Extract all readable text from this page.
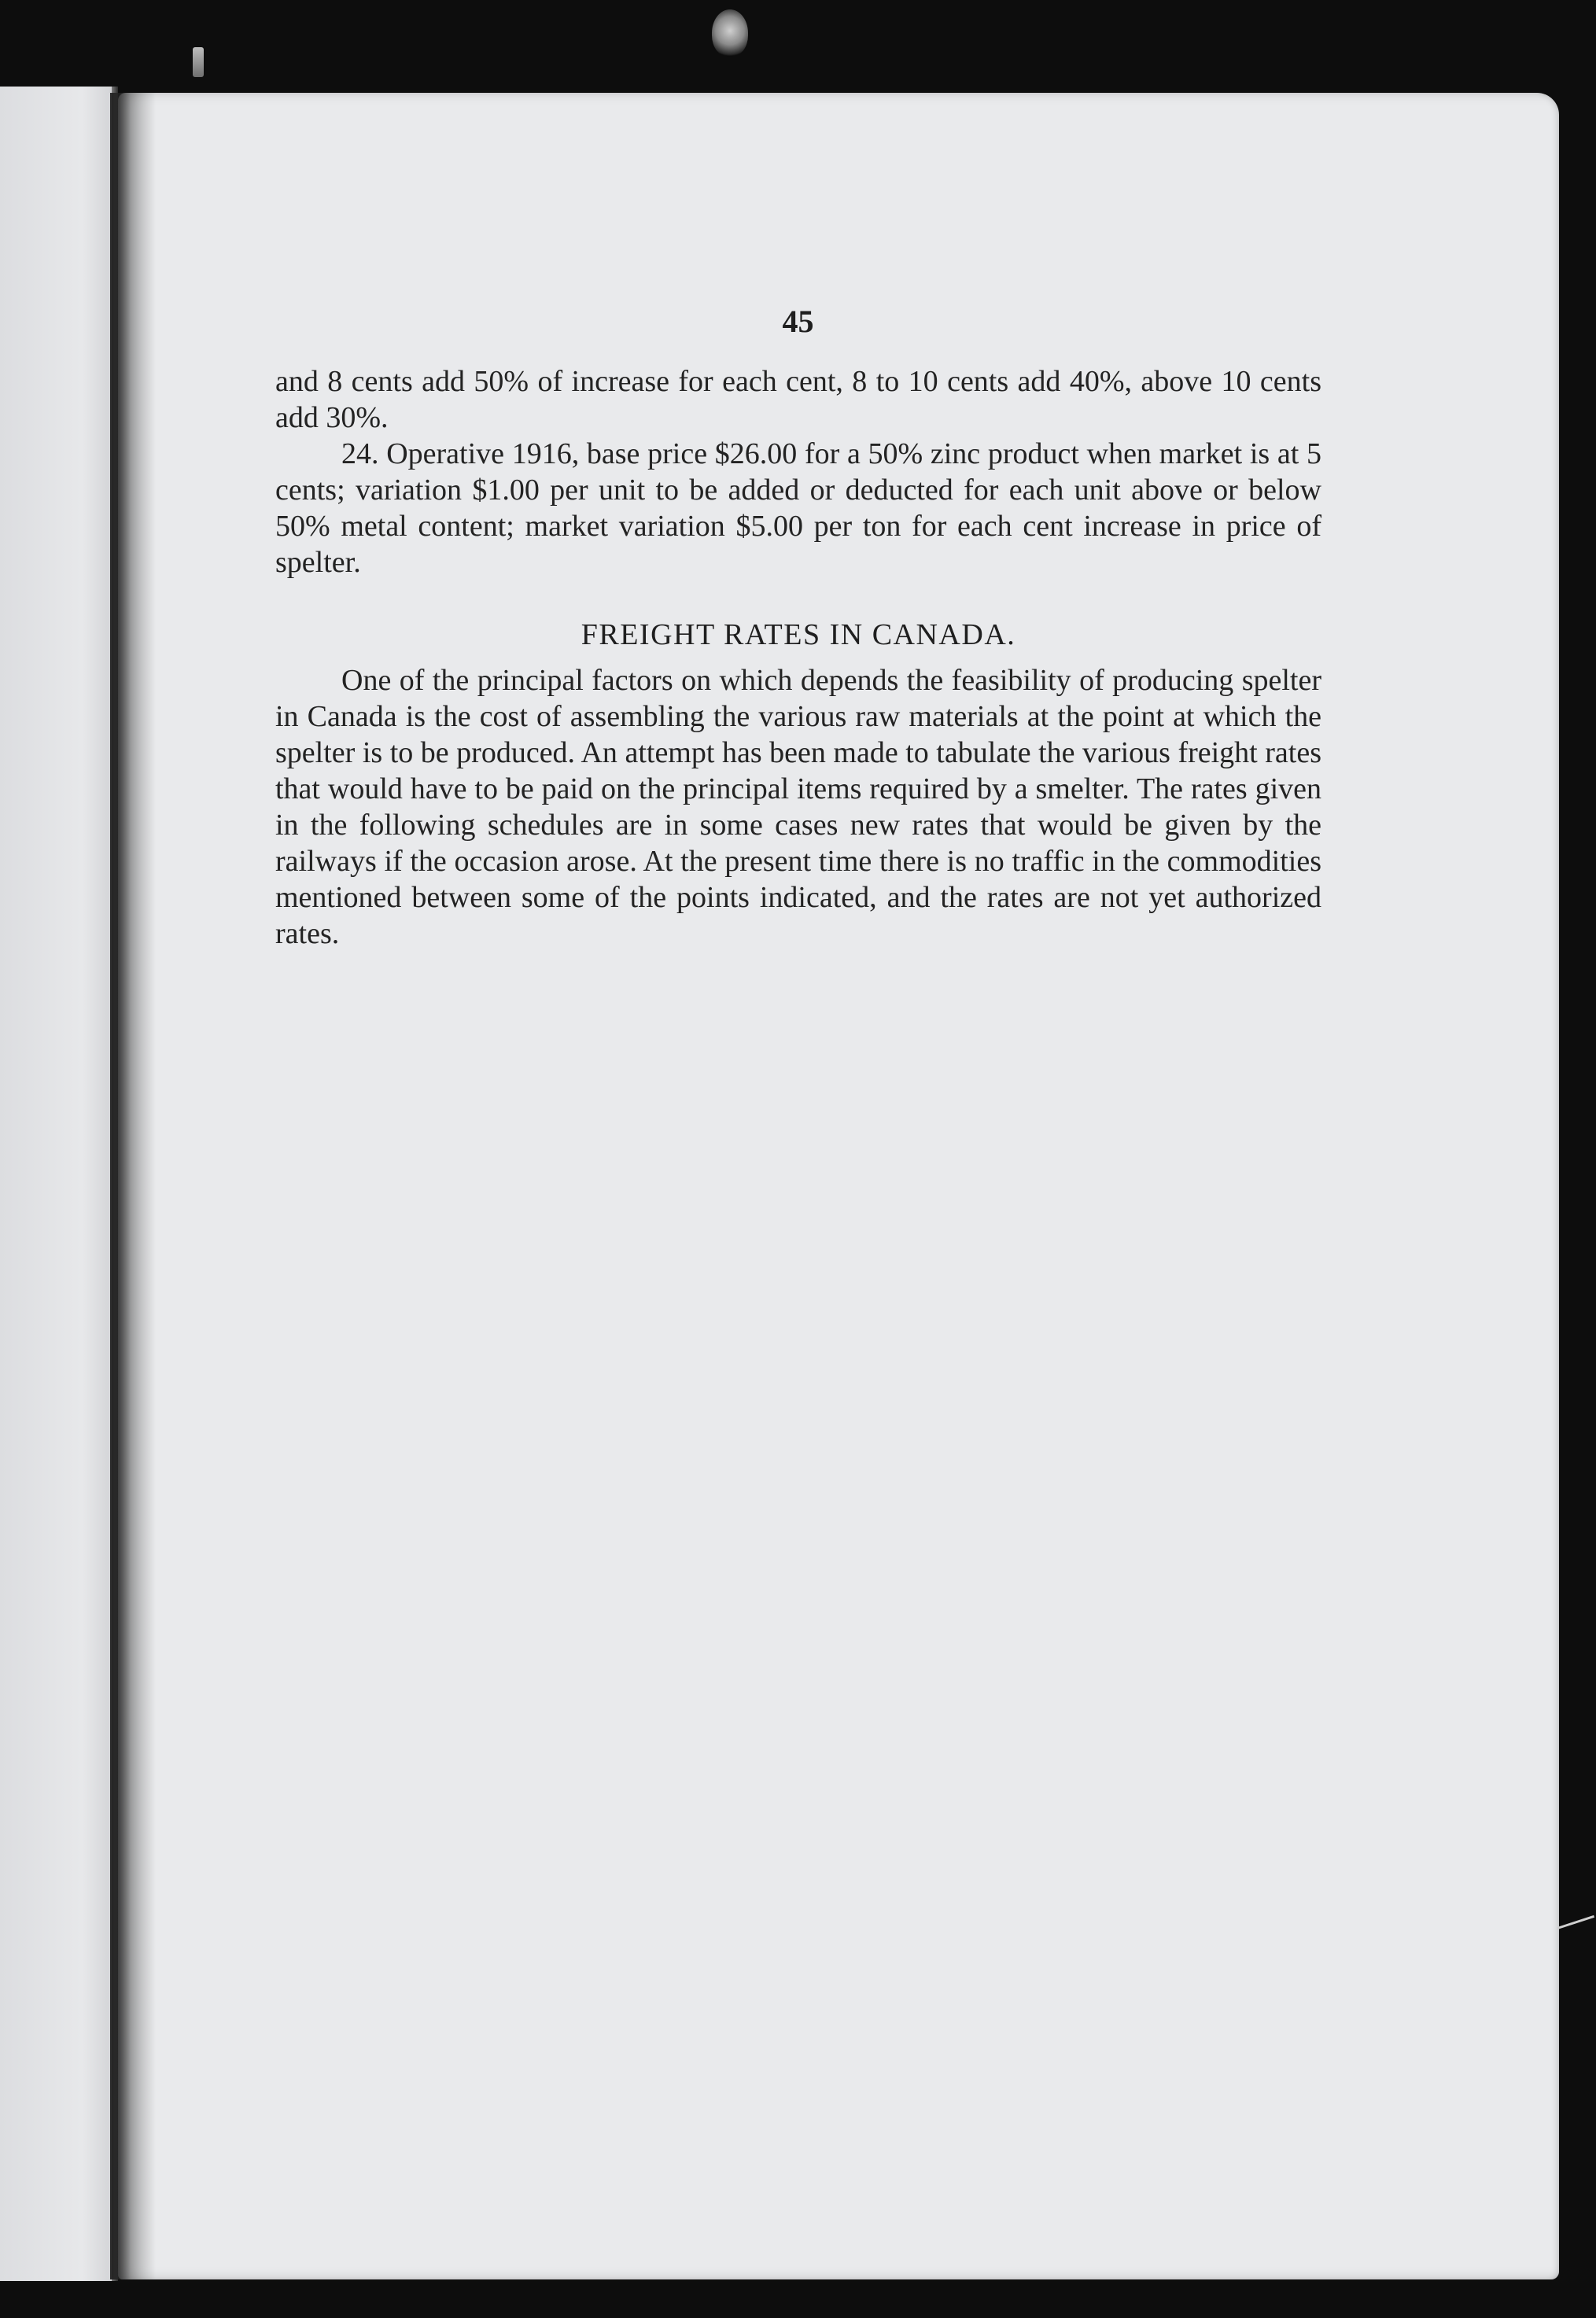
45

and 8 cents add 50% of increase for each cent, 8 to 10 cents add 40%, above 10 cents add 30%.

24. Operative 1916, base price $26.00 for a 50% zinc product when market is at 5 cents; variation $1.00 per unit to be added or deducted for each unit above or below 50% metal content; market variation $5.00 per ton for each cent increase in price of spelter.

FREIGHT RATES IN CANADA.

One of the principal factors on which depends the feasibility of producing spelter in Canada is the cost of assembling the various raw materials at the point at which the spelter is to be produced. An attempt has been made to tabulate the various freight rates that would have to be paid on the principal items required by a smelter. The rates given in the following schedules are in some cases new rates that would be given by the railways if the occasion arose. At the present time there is no traffic in the commodities mentioned between some of the points indicated, and the rates are not yet authorized rates.
